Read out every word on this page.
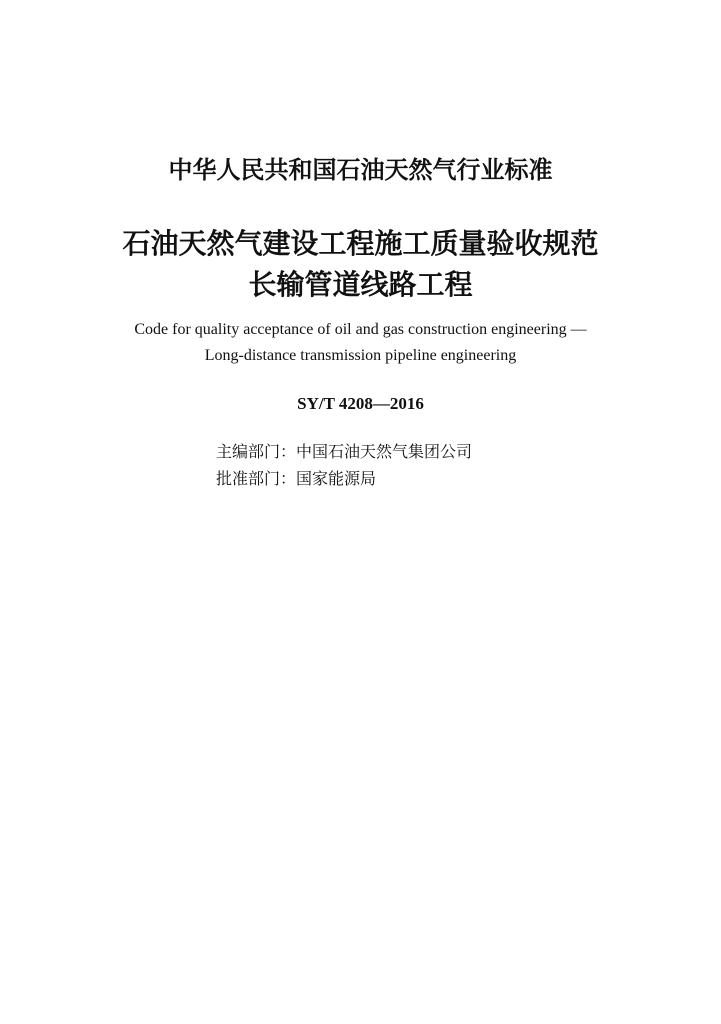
中华人民共和国石油天然气行业标准
石油天然气建设工程施工质量验收规范
长输管道线路工程
Code for quality acceptance of oil and gas construction engineering —
Long-distance transmission pipeline engineering
SY/T 4208—2016
主编部门：中国石油天然气集团公司
批准部门：国家能源局
